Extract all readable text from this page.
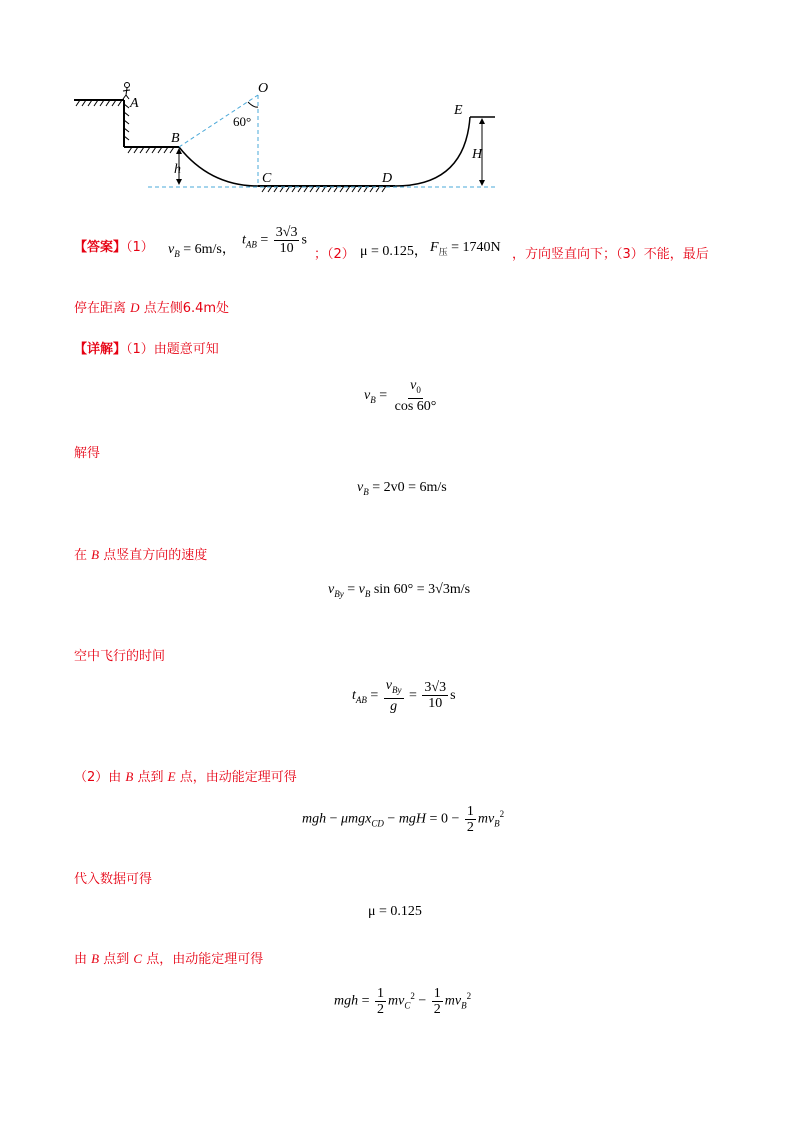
A
B
C	D
E
O
h
H
60°
【答案】（1） $v_B = 6m/s$，
$t_{AB} = \frac{3√3}{10}$ s
；（2） μ = 0.125， $F_压 = 1740N$ ，方向竖直向下；（3）不能，最后
停在距离 D 点左侧6.4m处
【详解】（1）由题意可知
$v_B = \frac{v_0}{\cos 60^\circ}$
解得
$v_B = 2v0 = 6m/s$
在 B 点竖直方向的速度
$v_{By} = v_B$ sin 60° = 3√3m/s
空中飞行的时间
$t_{AB} = \frac{v_{By}}{g} = \frac{3√3}{10}$ s
（2）由 B 点到 E 点，由动能定理可得
mgh − μmgx$_{CD}$ − mgH = $0 - \frac{1}{2} mv_B^2$
代入数据可得
μ = 0.125
由 B 点到 C 点，由动能定理可得
mgh = $\frac{1}{2} mv_C^2 - \frac{1}{2} mv_B^2$
